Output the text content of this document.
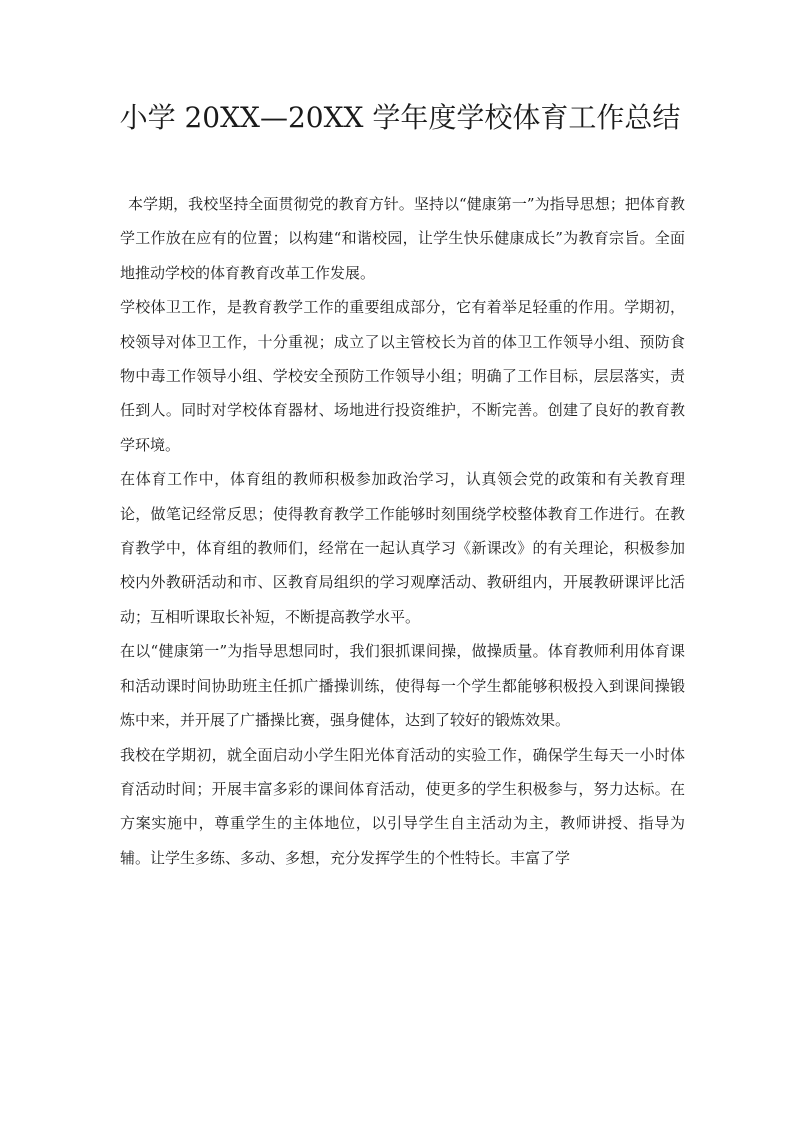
小学 20XX—20XX 学年度学校体育工作总结

本学期，我校坚持全面贯彻党的教育方针。坚持以“健康第一”为指导思想；把体育教学工作放在应有的位置；以构建“和谐校园，让学生快乐健康成长”为教育宗旨。全面地推动学校的体育教育改革工作发展。

学校体卫工作，是教育教学工作的重要组成部分，它有着举足轻重的作用。学期初，校领导对体卫工作，十分重视；成立了以主管校长为首的体卫工作领导小组、预防食物中毒工作领导小组、学校安全预防工作领导小组；明确了工作目标，层层落实，责任到人。同时对学校体育器材、场地进行投资维护，不断完善。创建了良好的教育教学环境。

在体育工作中，体育组的教师积极参加政治学习，认真领会党的政策和有关教育理论，做笔记经常反思；使得教育教学工作能够时刻围绕学校整体教育工作进行。在教育教学中，体育组的教师们，经常在一起认真学习《新课改》的有关理论，积极参加校内外教研活动和市、区教育局组织的学习观摩活动、教研组内，开展教研课评比活动；互相听课取长补短，不断提高教学水平。

在以“健康第一”为指导思想同时，我们狠抓课间操，做操质量。体育教师利用体育课和活动课时间协助班主任抓广播操训练，使得每一个学生都能够积极投入到课间操锻炼中来，并开展了广播操比赛，强身健体，达到了较好的锻炼效果。

我校在学期初，就全面启动小学生阳光体育活动的实验工作，确保学生每天一小时体育活动时间；开展丰富多彩的课间体育活动，使更多的学生积极参与，努力达标。在方案实施中，尊重学生的主体地位，以引导学生自主活动为主，教师讲授、指导为辅。让学生多练、多动、多想，充分发挥学生的个性特长。丰富了学
